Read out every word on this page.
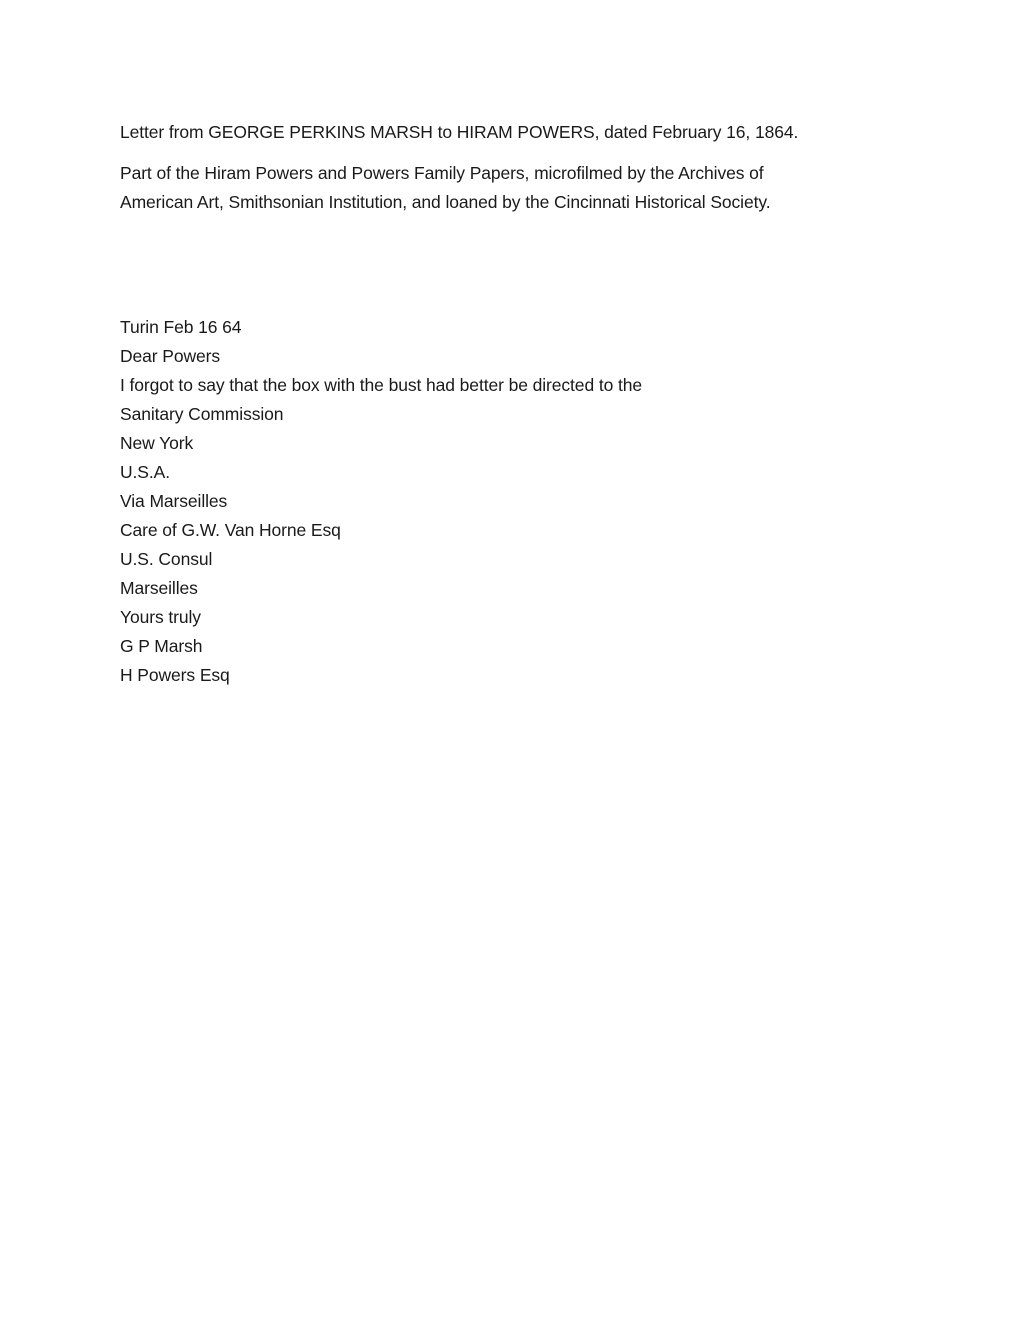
Letter from GEORGE PERKINS MARSH to HIRAM POWERS, dated February 16, 1864.

Part of the Hiram Powers and Powers Family Papers, microfilmed by the Archives of

American Art, Smithsonian Institution, and loaned by the Cincinnati Historical Society.

Turin Feb 16 64

Dear Powers

I forgot to say that the box with the bust had better be directed to the

Sanitary Commission

New York

U.S.A.

Via Marseilles

Care of G.W. Van Horne Esq

U.S. Consul

Marseilles

Yours truly

G P Marsh

H Powers Esq
